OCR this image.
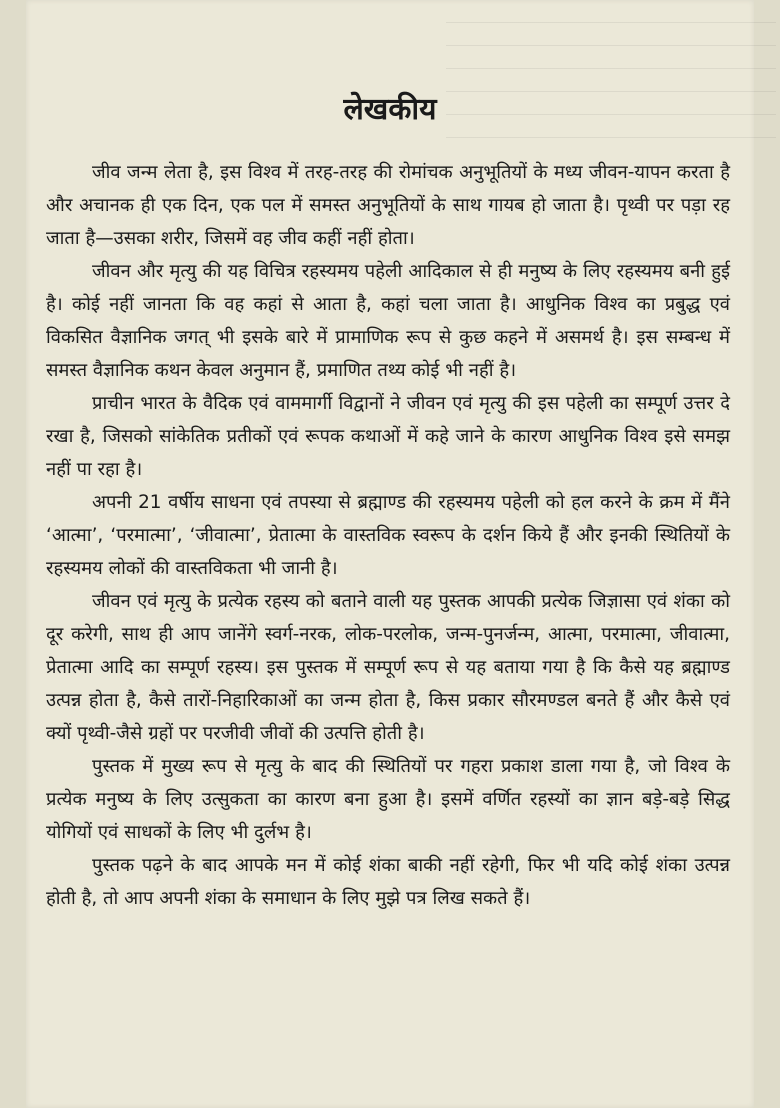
लेखकीय

जीव जन्म लेता है, इस विश्व में तरह-तरह की रोमांचक अनुभूतियों के मध्य जीवन-यापन करता है और अचानक ही एक दिन, एक पल में समस्त अनुभूतियों के साथ गायब हो जाता है। पृथ्वी पर पड़ा रह जाता है—उसका शरीर, जिसमें वह जीव कहीं नहीं होता।

जीवन और मृत्यु की यह विचित्र रहस्यमय पहेली आदिकाल से ही मनुष्य के लिए रहस्यमय बनी हुई है। कोई नहीं जानता कि वह कहां से आता है, कहां चला जाता है। आधुनिक विश्व का प्रबुद्ध एवं विकसित वैज्ञानिक जगत् भी इसके बारे में प्रामाणिक रूप से कुछ कहने में असमर्थ है। इस सम्बन्ध में समस्त वैज्ञानिक कथन केवल अनुमान हैं, प्रमाणित तथ्य कोई भी नहीं है।

प्राचीन भारत के वैदिक एवं वाममार्गी विद्वानों ने जीवन एवं मृत्यु की इस पहेली का सम्पूर्ण उत्तर दे रखा है, जिसको सांकेतिक प्रतीकों एवं रूपक कथाओं में कहे जाने के कारण आधुनिक विश्व इसे समझ नहीं पा रहा है।

अपनी 21 वर्षीय साधना एवं तपस्या से ब्रह्माण्ड की रहस्यमय पहेली को हल करने के क्रम में मैंने ‘आत्मा’, ‘परमात्मा’, ‘जीवात्मा’, प्रेतात्मा के वास्तविक स्वरूप के दर्शन किये हैं और इनकी स्थितियों के रहस्यमय लोकों की वास्तविकता भी जानी है।

जीवन एवं मृत्यु के प्रत्येक रहस्य को बताने वाली यह पुस्तक आपकी प्रत्येक जिज्ञासा एवं शंका को दूर करेगी, साथ ही आप जानेंगे स्वर्ग-नरक, लोक-परलोक, जन्म-पुनर्जन्म, आत्मा, परमात्मा, जीवात्मा, प्रेतात्मा आदि का सम्पूर्ण रहस्य। इस पुस्तक में सम्पूर्ण रूप से यह बताया गया है कि कैसे यह ब्रह्माण्ड उत्पन्न होता है, कैसे तारों-निहारिकाओं का जन्म होता है, किस प्रकार सौरमण्डल बनते हैं और कैसे एवं क्यों पृथ्वी-जैसे ग्रहों पर परजीवी जीवों की उत्पत्ति होती है।

पुस्तक में मुख्य रूप से मृत्यु के बाद की स्थितियों पर गहरा प्रकाश डाला गया है, जो विश्व के प्रत्येक मनुष्य के लिए उत्सुकता का कारण बना हुआ है। इसमें वर्णित रहस्यों का ज्ञान बड़े-बड़े सिद्ध योगियों एवं साधकों के लिए भी दुर्लभ है।

पुस्तक पढ़ने के बाद आपके मन में कोई शंका बाकी नहीं रहेगी, फिर भी यदि कोई शंका उत्पन्न होती है, तो आप अपनी शंका के समाधान के लिए मुझे पत्र लिख सकते हैं।
